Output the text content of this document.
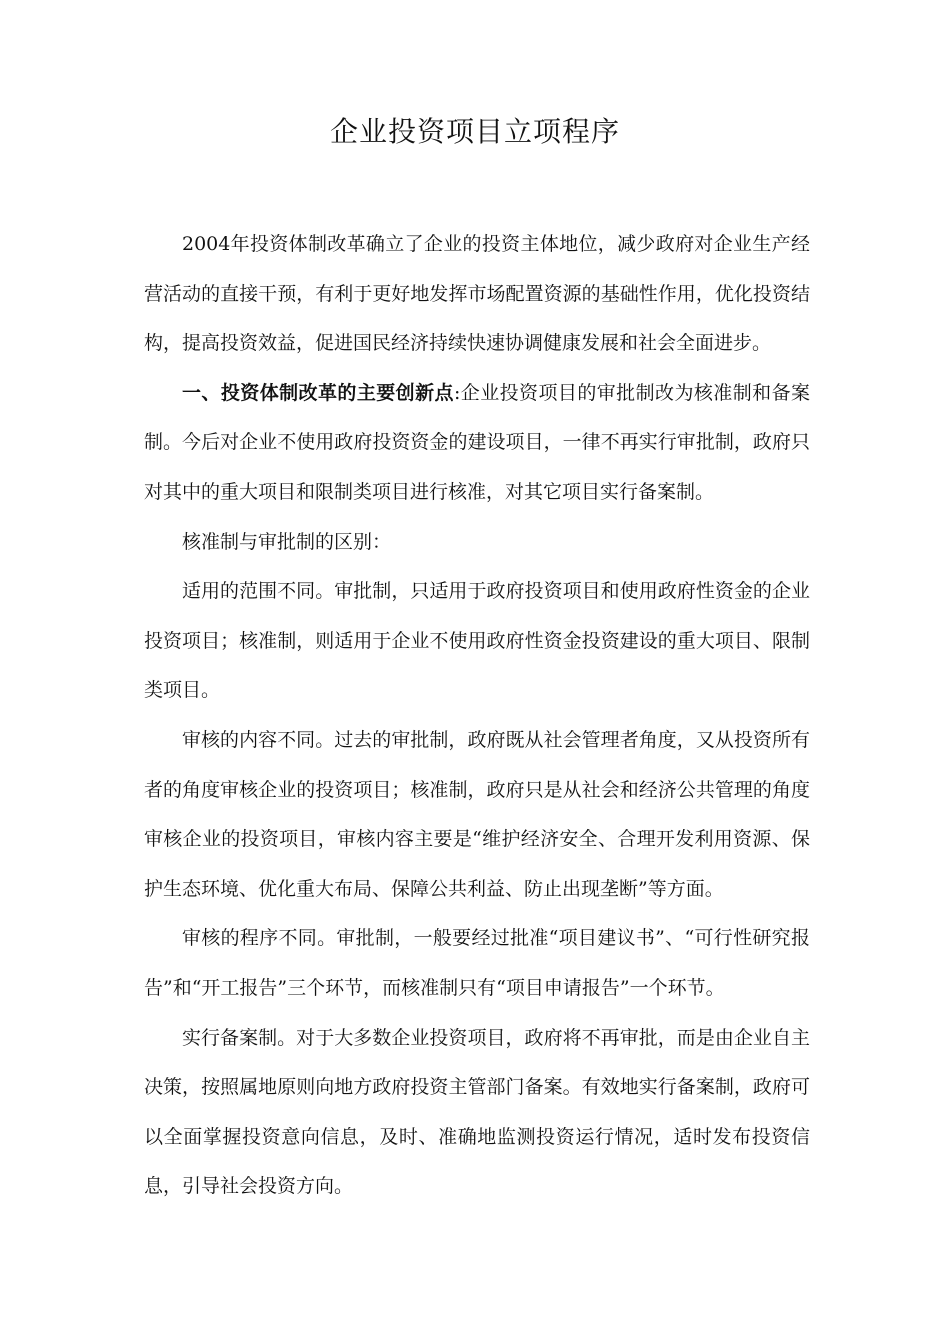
企业投资项目立项程序

2004年投资体制改革确立了企业的投资主体地位，减少政府对企业生产经营活动的直接干预，有利于更好地发挥市场配置资源的基础性作用，优化投资结构，提高投资效益，促进国民经济持续快速协调健康发展和社会全面进步。

一、投资体制改革的主要创新点:企业投资项目的审批制改为核准制和备案制。今后对企业不使用政府投资资金的建设项目，一律不再实行审批制，政府只对其中的重大项目和限制类项目进行核准，对其它项目实行备案制。

核准制与审批制的区别：

适用的范围不同。审批制，只适用于政府投资项目和使用政府性资金的企业投资项目；核准制，则适用于企业不使用政府性资金投资建设的重大项目、限制类项目。

审核的内容不同。过去的审批制，政府既从社会管理者角度，又从投资所有者的角度审核企业的投资项目；核准制，政府只是从社会和经济公共管理的角度审核企业的投资项目，审核内容主要是“维护经济安全、合理开发利用资源、保护生态环境、优化重大布局、保障公共利益、防止出现垄断”等方面。

审核的程序不同。审批制，一般要经过批准“项目建议书”、“可行性研究报告”和“开工报告”三个环节，而核准制只有“项目申请报告”一个环节。

实行备案制。对于大多数企业投资项目，政府将不再审批，而是由企业自主决策，按照属地原则向地方政府投资主管部门备案。有效地实行备案制，政府可以全面掌握投资意向信息，及时、准确地监测投资运行情况，适时发布投资信息，引导社会投资方向。
